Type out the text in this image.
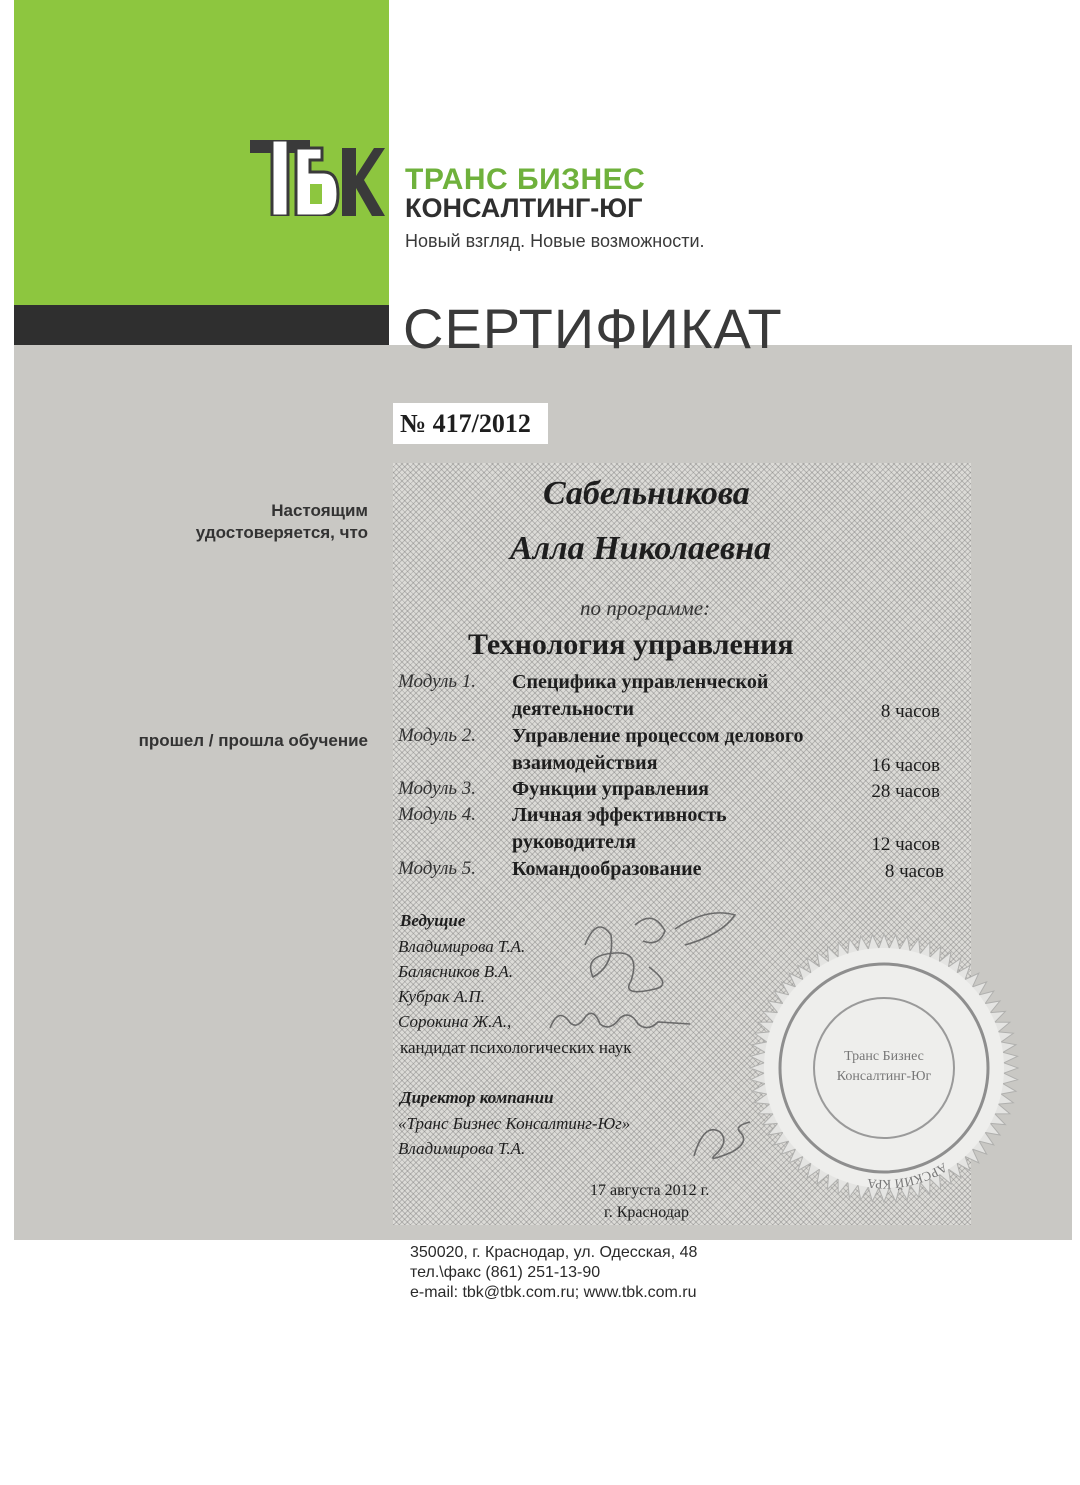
ТРАНС БИЗНЕС
КОНСАЛТИНГ-ЮГ
Новый взгляд. Новые возможности.
СЕРТИФИКАТ
№ 417/2012
Настоящим
удостоверяется, что
прошел / прошла обучение
Сабельникова
Алла Николаевна
по программе:
Технология управления
Модуль 1. Специфика управленческой
деятельности	8 часов
Модуль 2. Управление процессом делового
взаимодействия	16 часов
Модуль 3. Функции управления	28 часов
Модуль 4. Личная эффективность
руководителя	12 часов
Модуль 5. Командообразование	8 часов
АРСКИЙ КРА
Транс Бизнес
Консалтинг-Юг
Ведущие
Владимирова Т.А.
Балясников В.А.
Кубрак А.П.
Сорокина Ж.А.,
кандидат психологических наук
Директор компании
«Транс Бизнес Консалтинг-Юг»
Владимирова Т.А.
17 августа 2012 г.
г. Краснодар
350020, г. Краснодар, ул. Одесская, 48
тел.\факс (861) 251-13-90
e-mail: tbk@tbk.com.ru; www.tbk.com.ru
